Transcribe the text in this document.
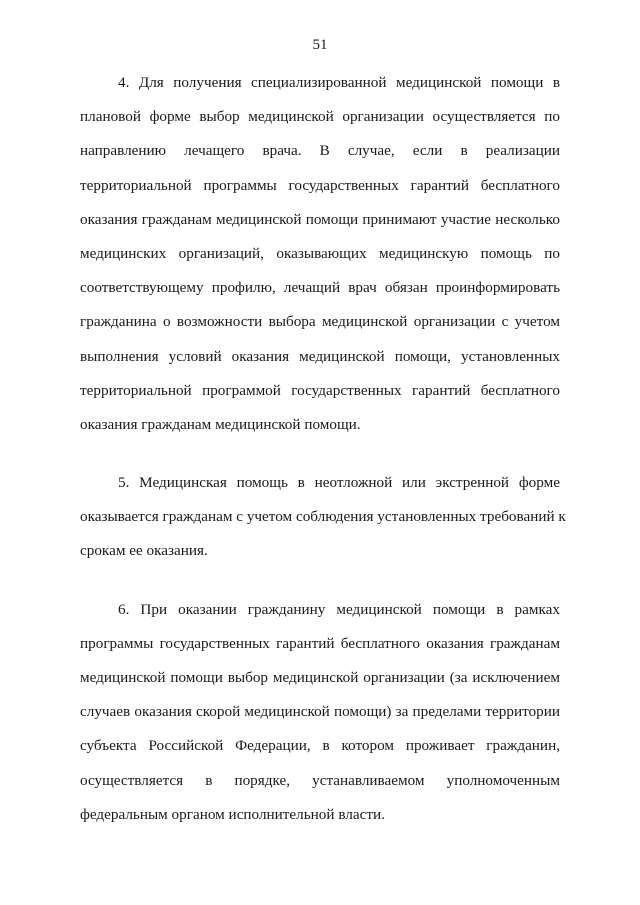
51

4. Для получения специализированной медицинской помощи в
плановой форме выбор медицинской организации осуществляется по
направлению лечащего врача. В случае, если в реализации
территориальной программы государственных гарантий бесплатного
оказания гражданам медицинской помощи принимают участие несколько
медицинских организаций, оказывающих медицинскую помощь по
соответствующему профилю, лечащий врач обязан проинформировать
гражданина о возможности выбора медицинской организации с учетом
выполнения условий оказания медицинской помощи, установленных
территориальной программой государственных гарантий бесплатного
оказания гражданам медицинской помощи.

5. Медицинская помощь в неотложной или экстренной форме
оказывается гражданам с учетом соблюдения установленных требований к
срокам ее оказания.

6. При оказании гражданину медицинской помощи в рамках
программы государственных гарантий бесплатного оказания гражданам
медицинской помощи выбор медицинской организации (за исключением
случаев оказания скорой медицинской помощи) за пределами территории
субъекта Российской Федерации, в котором проживает гражданин,
осуществляется в порядке, устанавливаемом уполномоченным
федеральным органом исполнительной власти.
